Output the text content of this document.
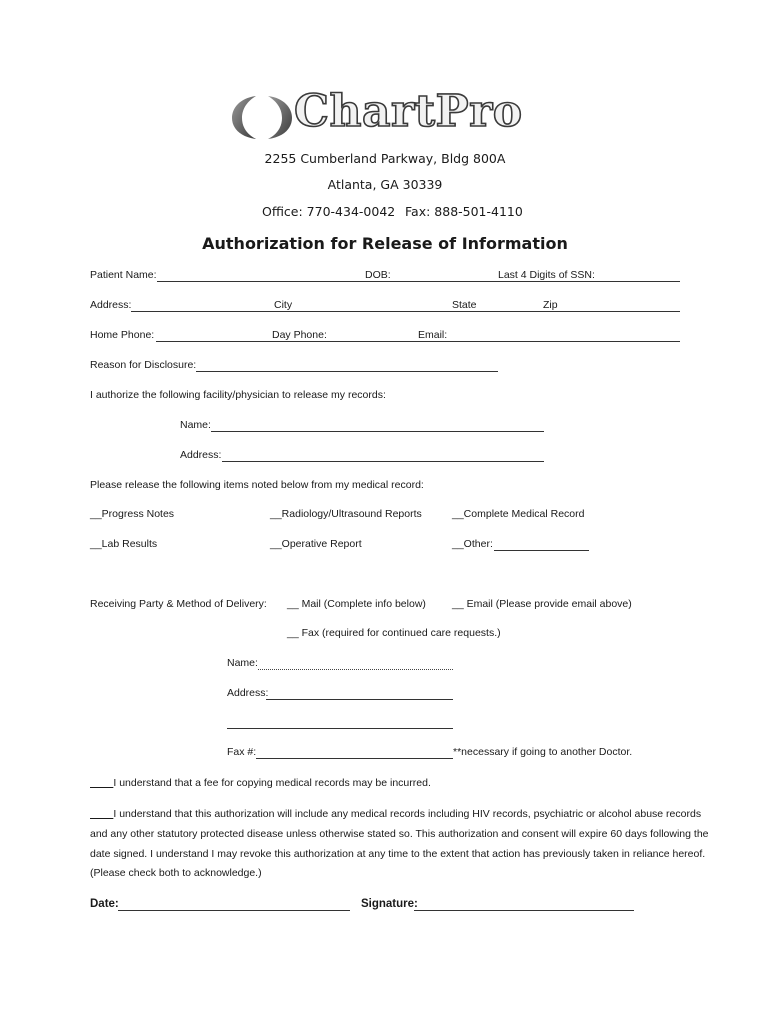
ChartPro
2255 Cumberland Parkway, Bldg 800A
Atlanta, GA 30339
Office: 770-434-0042 Fax: 888-501-4110
Authorization for Release of Information
Patient Name:	DOB:	Last 4 Digits of SSN:
Address:	City	State	Zip
Home Phone:	Day Phone:	Email:
Reason for Disclosure:
I authorize the following facility/physician to release my records:
Name:
Address:
Please release the following items noted below from my medical record:
__Progress Notes	__Radiology/Ultrasound Reports	__Complete Medical Record
__Lab Results	__Operative Report	__Other:
Receiving Party & Method of Delivery: __ Mail (Complete info below) __ Email (Please provide email above)
__ Fax (required for continued care requests.)
Name:
Address:
Fax #:	**necessary if going to another Doctor.
I understand that a fee for copying medical records may be incurred.
I understand that this authorization will include any medical records including HIV records, psychiatric or alcohol abuse records
and any other statutory protected disease unless otherwise stated so. This authorization and consent will expire 60 days following the
date signed. I understand I may revoke this authorization at any time to the extent that action has previously taken in reliance hereof.
(Please check both to acknowledge.)
Date:	Signature:
